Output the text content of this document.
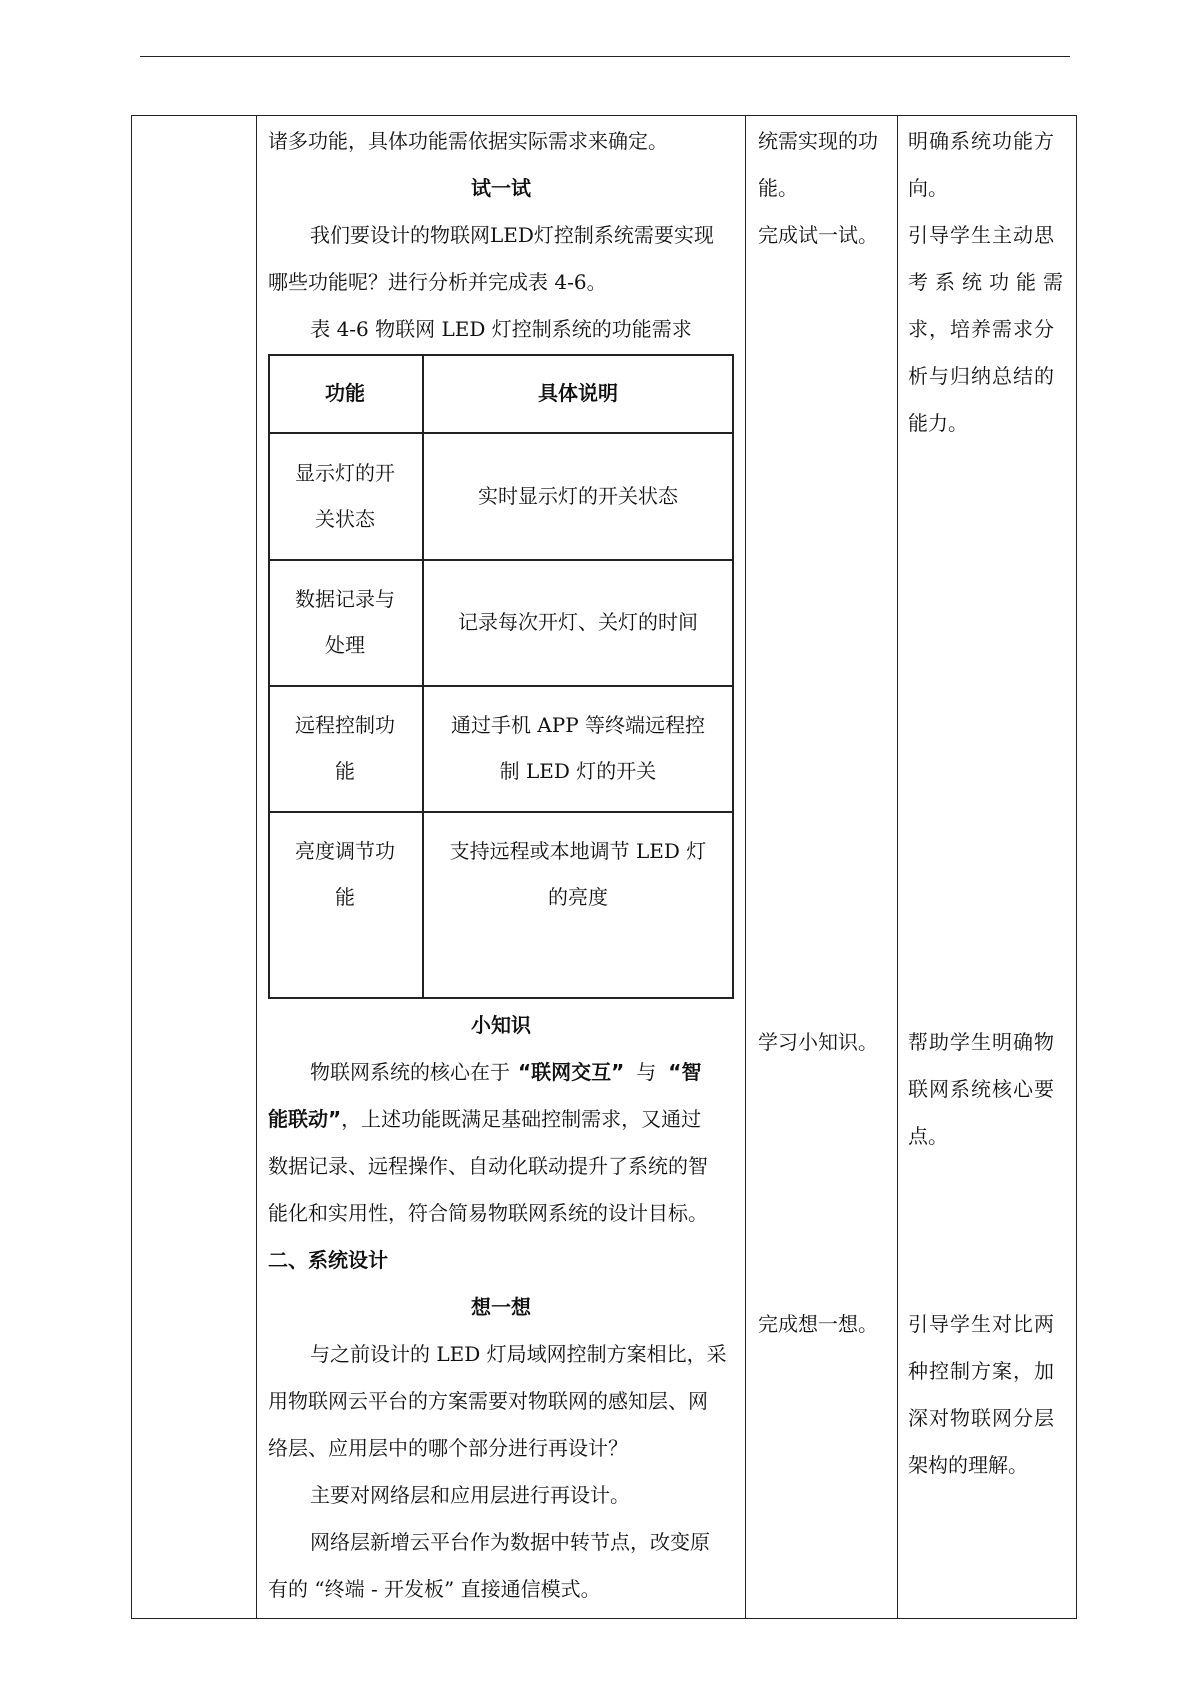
诸多功能，具体功能需依据实际需求来确定。
试一试
我们要设计的物联网LED灯控制系统需要实现
哪些功能呢？进行分析并完成表 4-6。
表 4-6 物联网 LED 灯控制系统的功能需求
功能	具体说明
显示灯的开
关状态
实时显示灯的开关状态
数据记录与
处理
记录每次开灯、关灯的时间
远程控制功
能
通过手机 APP 等终端远程控
制 LED 灯的开关
亮度调节功
能
支持远程或本地调节 LED 灯
的亮度
小知识
物联网系统的核心在于 “联网交互” 与 “智
能联动”，上述功能既满足基础控制需求，又通过
数据记录、远程操作、自动化联动提升了系统的智
能化和实用性，符合简易物联网系统的设计目标。
二、系统设计
想一想
与之前设计的 LED 灯局域网控制方案相比，采
用物联网云平台的方案需要对物联网的感知层、网
络层、应用层中的哪个部分进行再设计？
主要对网络层和应用层进行再设计。
网络层新增云平台作为数据中转节点，改变原
有的 “终端 - 开发板” 直接通信模式。
统需实现的功
能。
完成试一试。
学习小知识。
完成想一想。
明确系统功能方
向。
引导学生主动思
考系统功能需
求，培养需求分
析与归纳总结的
能力。
帮助学生明确物
联网系统核心要
点。
引导学生对比两
种控制方案，加
深对物联网分层
架构的理解。
